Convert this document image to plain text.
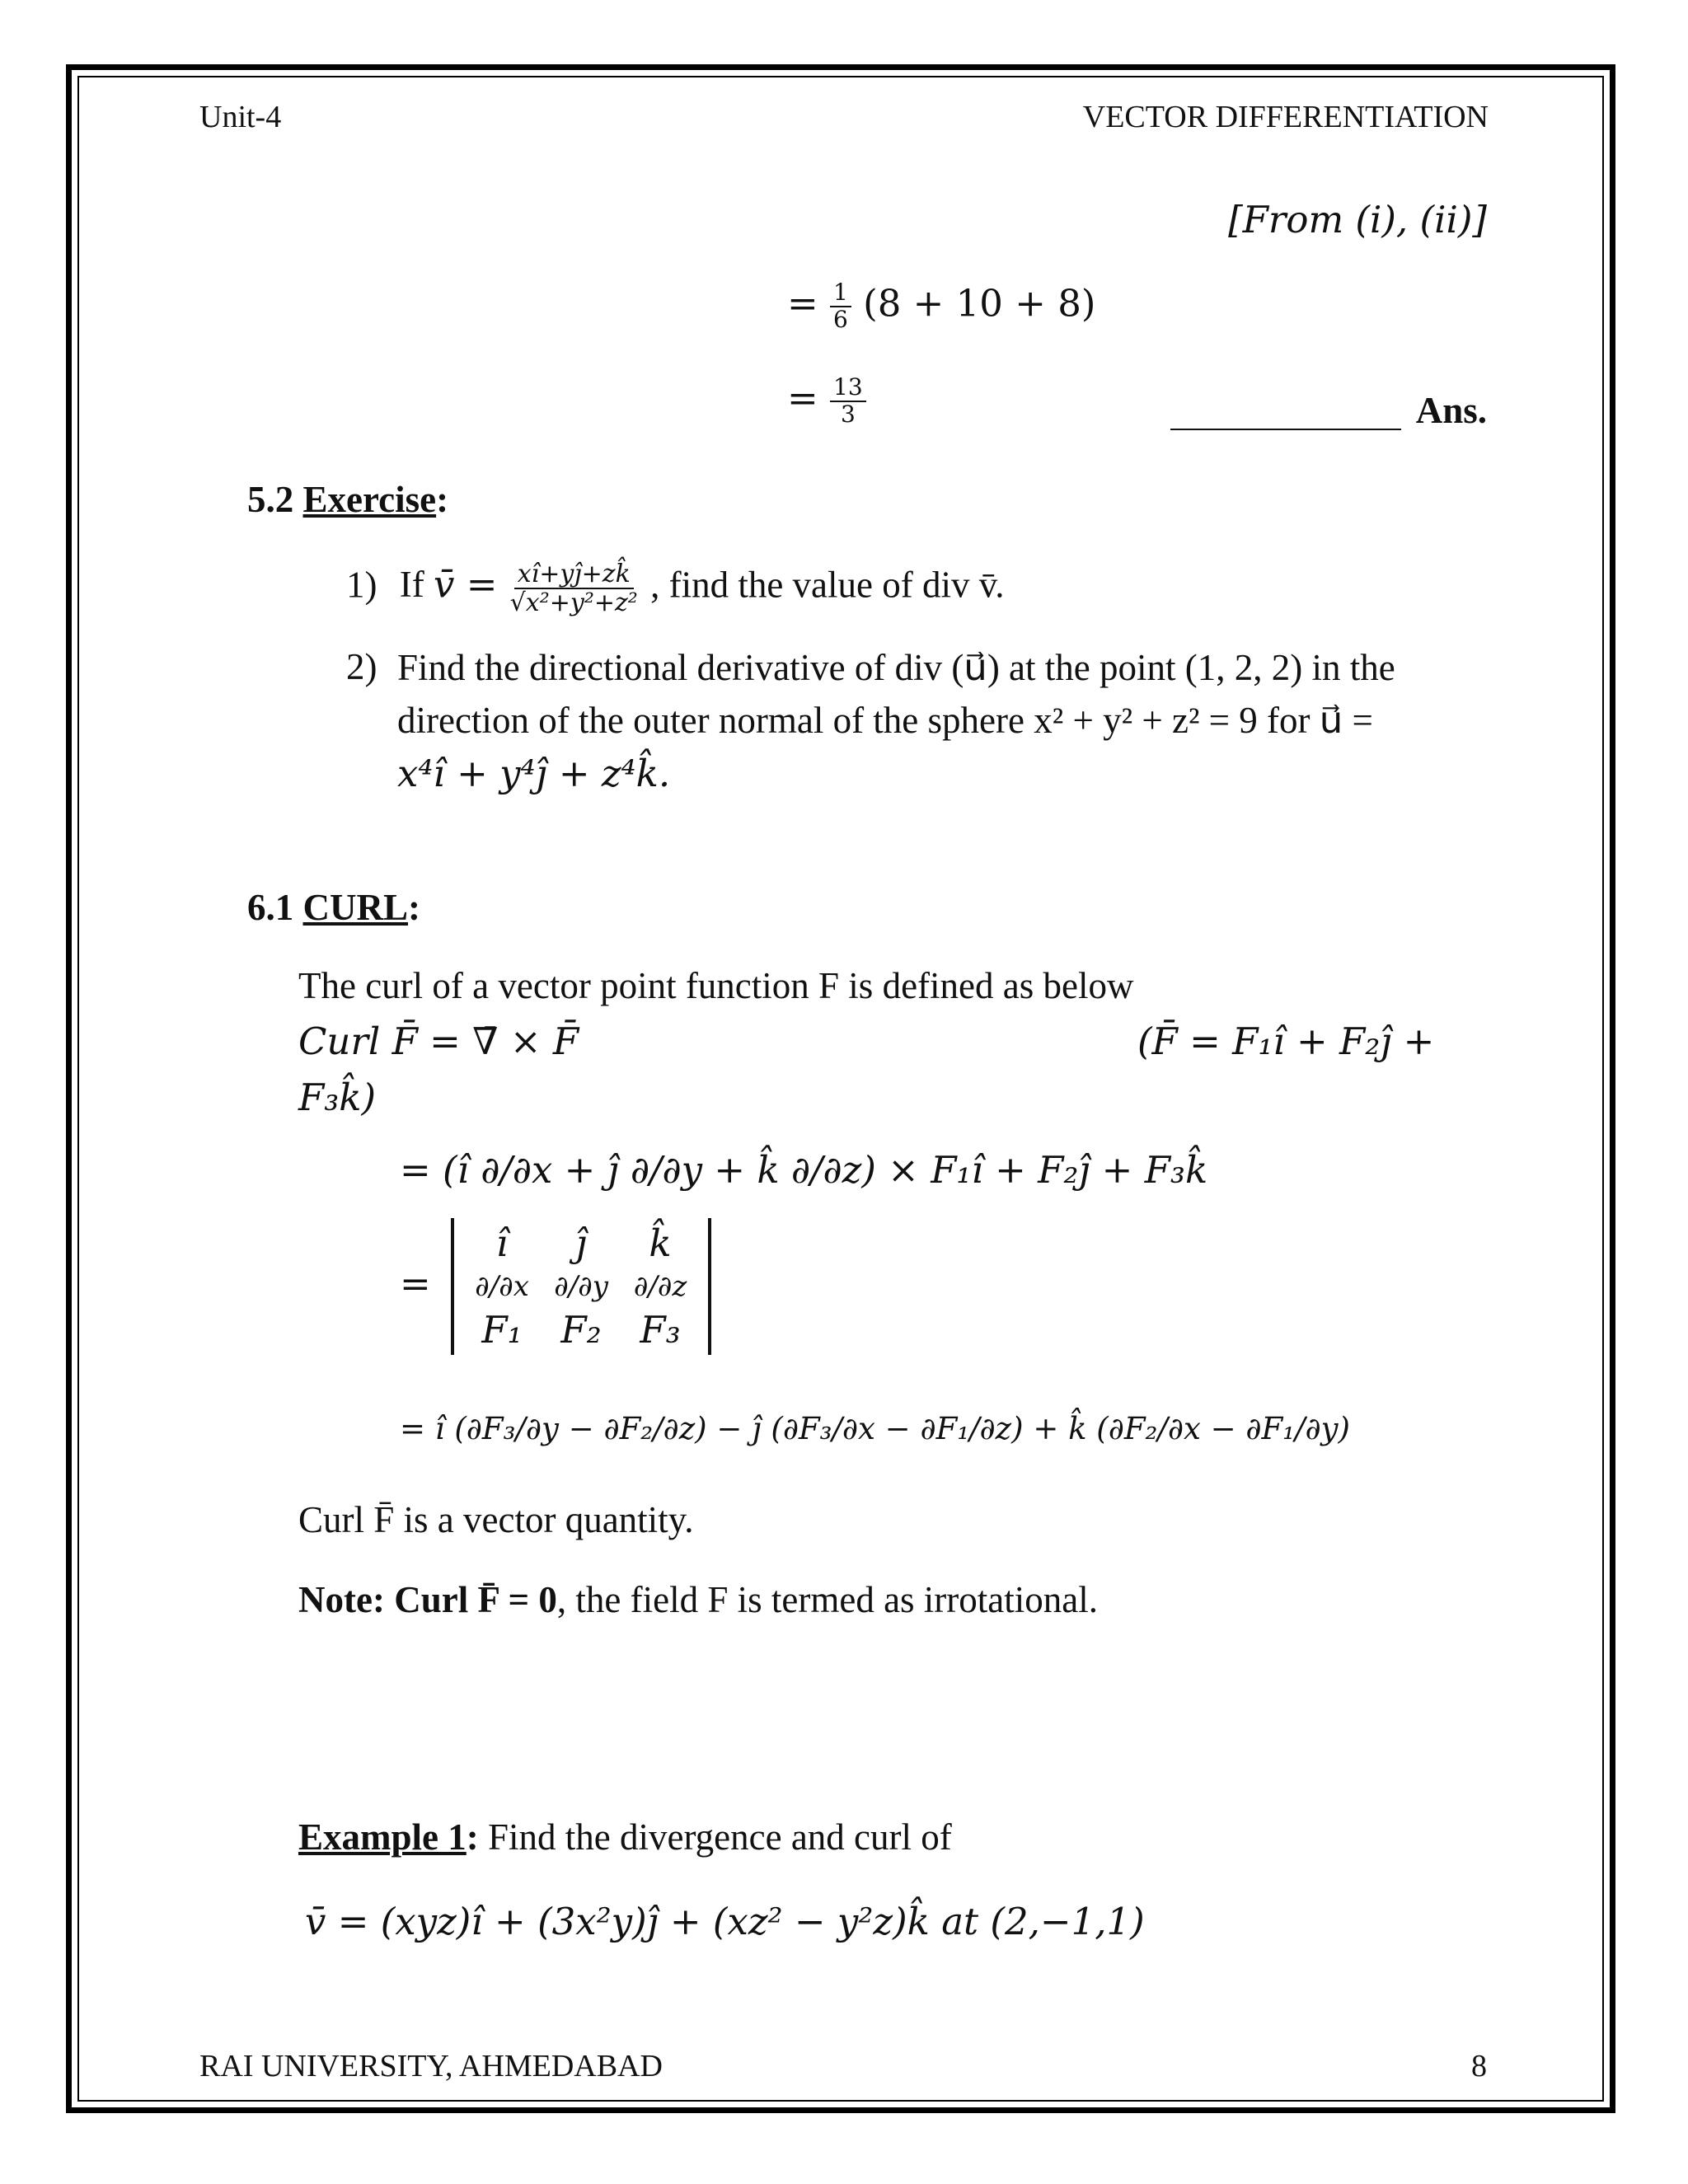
Unit-4	VECTOR DIFFERENTIATION
[From (i), (ii)]
= $\frac{1}{6} (8 + 10 + 8)$
= $\frac{13}{3}$	Ans.
5.2 Exercise:
1) If v̄ = $\frac{xî+yĵ+zk̂}{\text{√x²+y²+z²}}$ , find the value of div v̄.
2) Find the directional derivative of div (u⃗) at the point (1, 2, 2) in the
direction of the outer normal of the sphere x² + y² + z² = 9 for u⃗ =
x⁴î + y⁴ĵ + z⁴k̂.
6.1 CURL:
The curl of a vector point function F is defined as below
Curl F̄ = ∇̄ × F̄	(F̄ = F₁î + F₂ĵ +
F₃k̂)
= (î ∂/∂x + ĵ ∂/∂y + k̂ ∂/∂z) × F₁î + F₂ĵ + F₃k̂
=
î	ĵ	k̂
∂/∂x ∂/∂y ∂/∂z
F₁	F₂	F₃
= î (∂F₃/∂y − ∂F₂/∂z) − ĵ (∂F₃/∂x − ∂F₁/∂z) + k̂ (∂F₂/∂x − ∂F₁/∂y)
Curl F̄ is a vector quantity.
Note: Curl F̄ = 0, the field F is termed as irrotational.
Example 1: Find the divergence and curl of
v̄ = (xyz)î + (3x²y)ĵ + (xz² − y²z)k̂ at (2,−1,1)
RAI UNIVERSITY, AHMEDABAD	8
